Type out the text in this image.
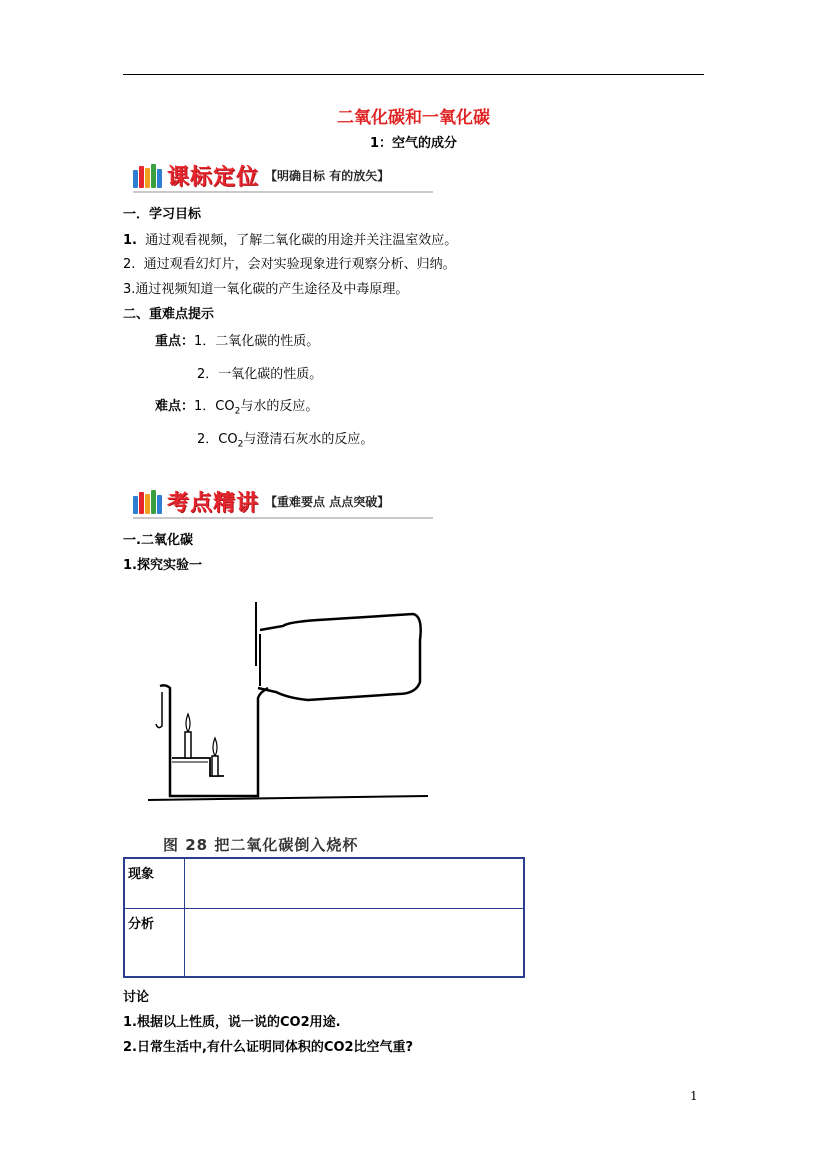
二氧化碳和一氧化碳
1：空气的成分
课标定位 【明确目标 有的放矢】
一．学习目标
1. 通过观看视频，了解二氧化碳的用途并关注温室效应。
2. 通过观看幻灯片，会对实验现象进行观察分析、归纳。
3.通过视频知道一氧化碳的产生途径及中毒原理。
二、重难点提示
重点：1．二氧化碳的性质。
2．一氧化碳的性质。
难点：1．$CO_2$与水的反应。
2．$CO_2$与澄清石灰水的反应。
考点精讲 【重难要点 点点突破】
一.二氧化碳
1.探究实验一
图 28 把二氧化碳倒入烧杯
现象	
分析	
讨论
1.根据以上性质，说一说的CO2用途.
2.日常生活中,有什么证明同体积的CO2比空气重?
1
